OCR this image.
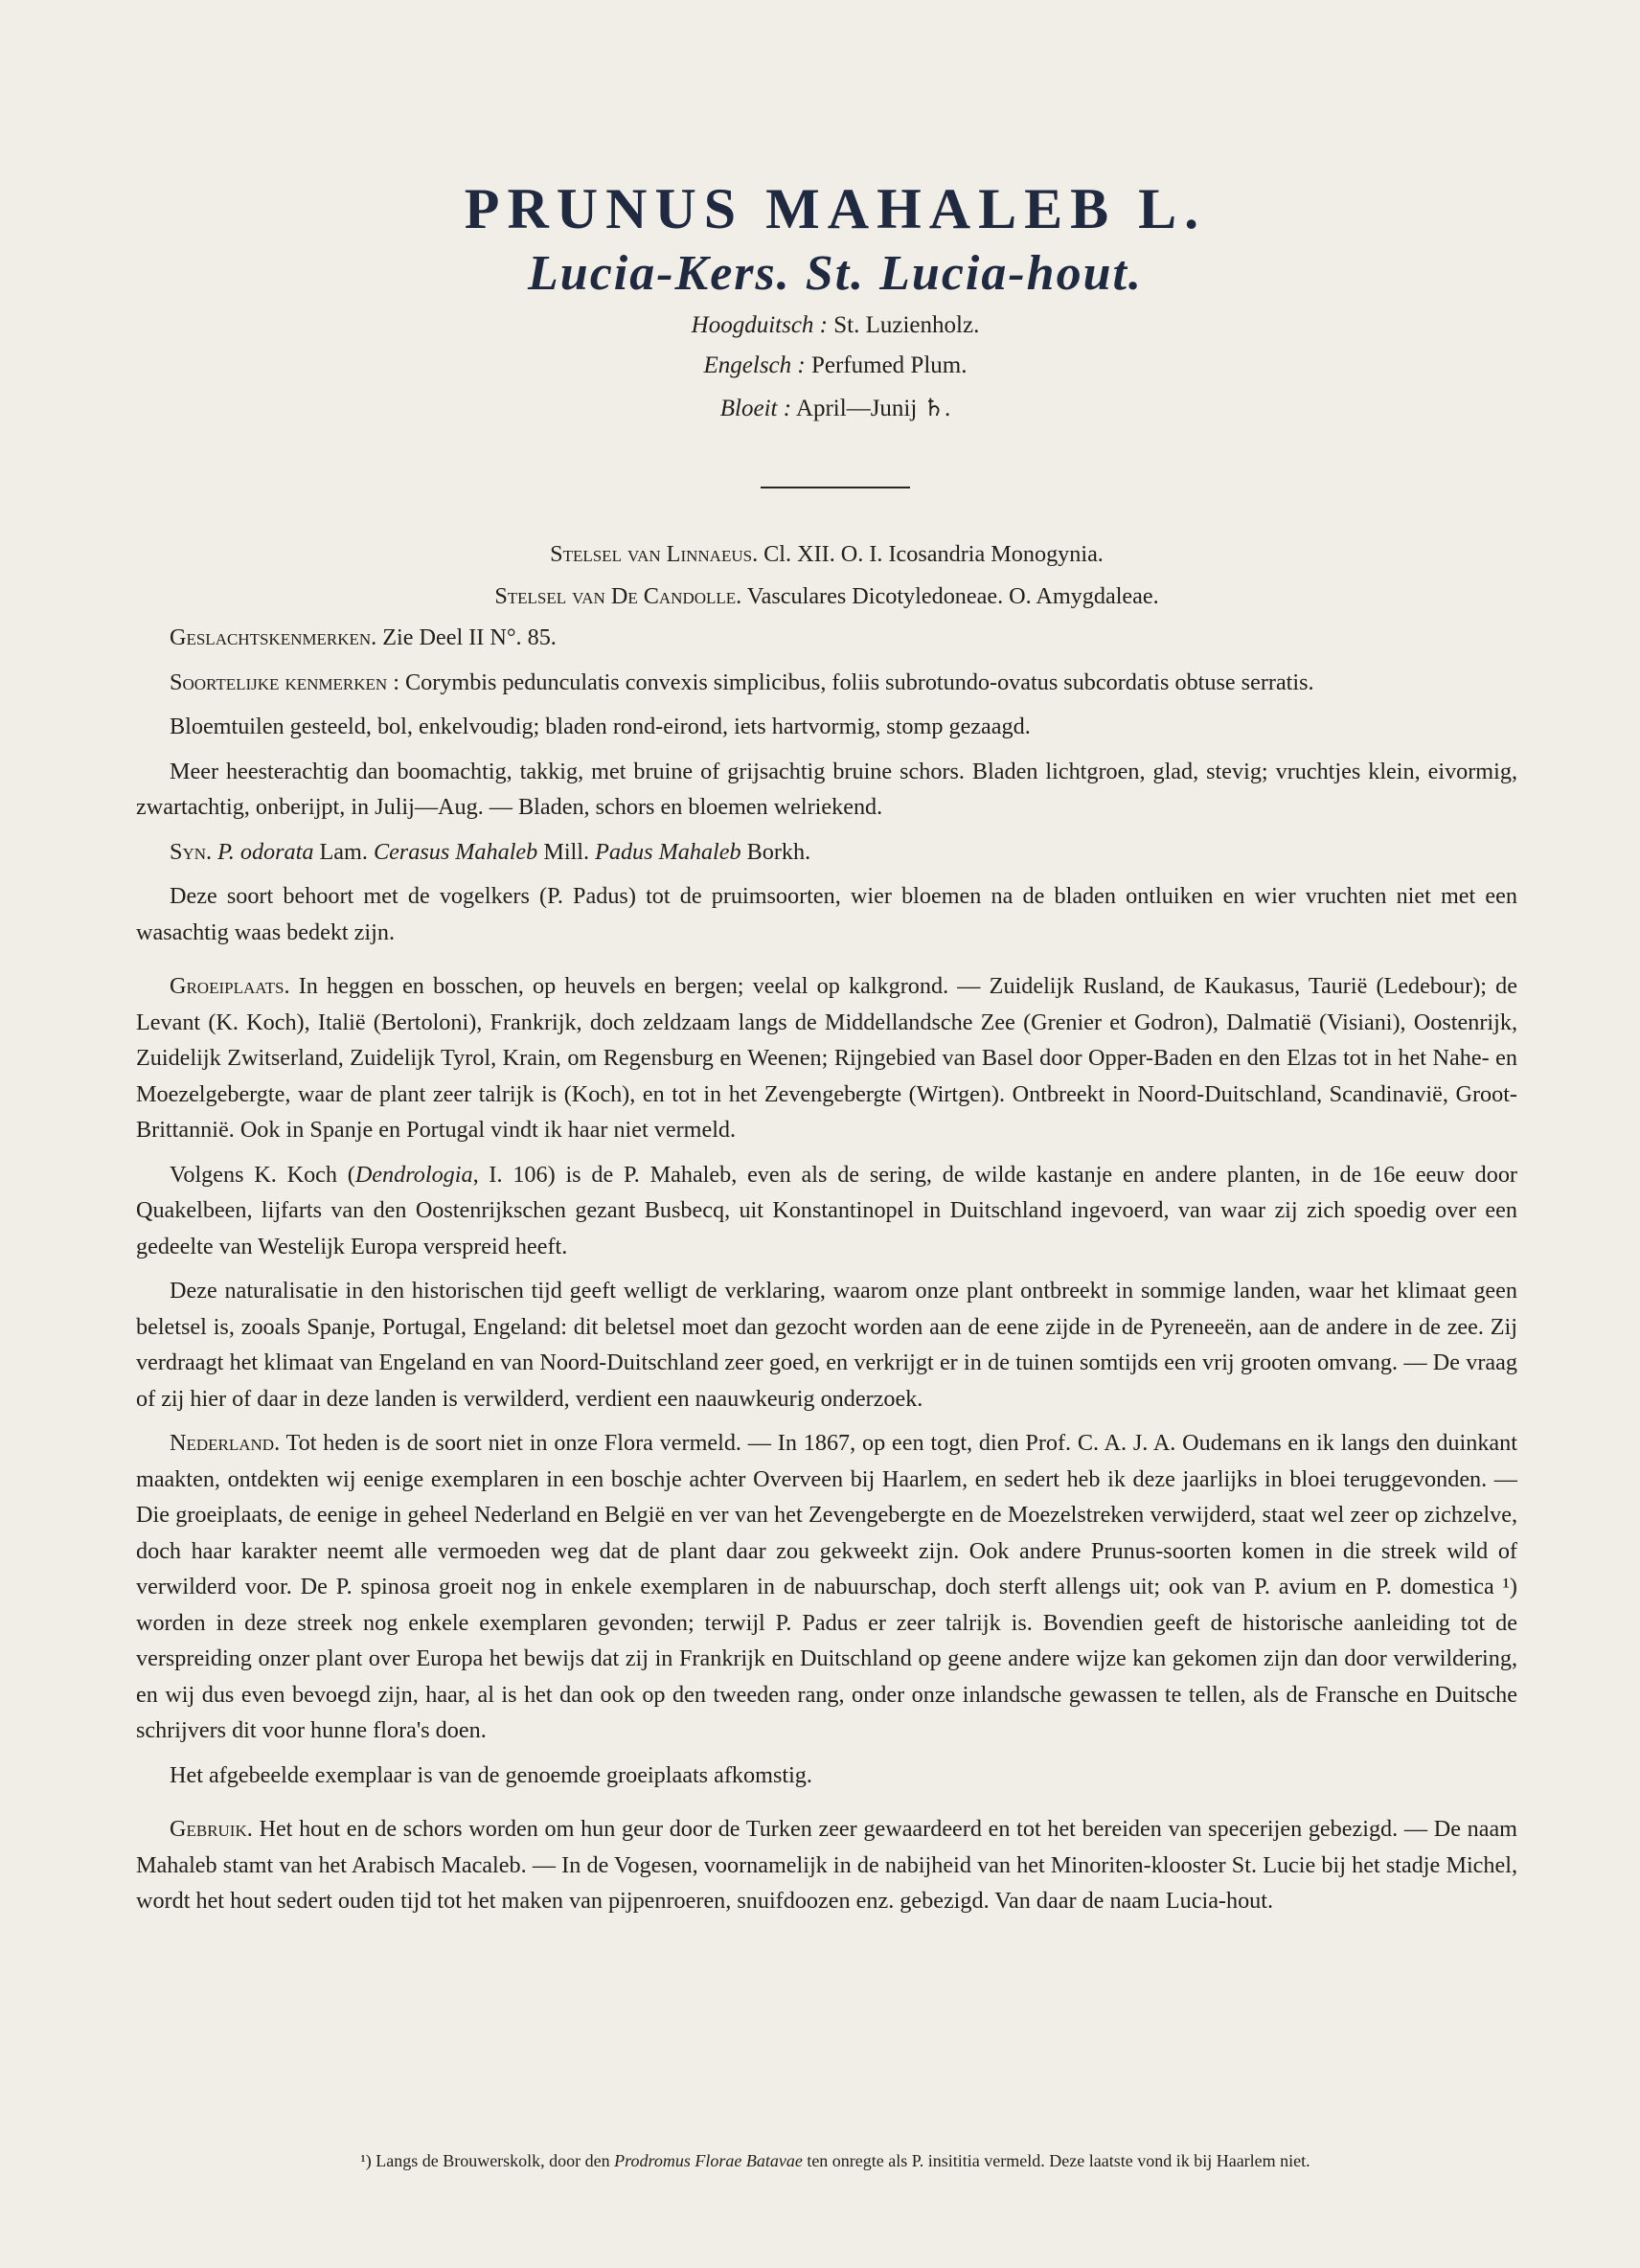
PRUNUS MAHALEB L.
Lucia-Kers. St. Lucia-hout.
Hoogduitsch : St. Luzienholz.
Engelsch : Perfumed Plum.
Bloeit : April—Junij ♄.

Stelsel van Linnaeus. Cl. XII. O. I. Icosandria Monogynia.

Stelsel van De Candolle. Vasculares Dicotyledoneae. O. Amygdaleae.

Geslachtskenmerken. Zie Deel II N°. 85.

Soortelijke kenmerken : Corymbis pedunculatis convexis simplicibus, foliis subrotundo-ovatus subcordatis obtuse serratis.

Bloemtuilen gesteeld, bol, enkelvoudig; bladen rond-eirond, iets hartvormig, stomp gezaagd.

Meer heesterachtig dan boomachtig, takkig, met bruine of grijsachtig bruine schors. Bladen lichtgroen, glad, stevig; vruchtjes klein, eivormig, zwartachtig, onberijpt, in Julij—Aug. — Bladen, schors en bloemen welriekend.

Syn. P. odorata Lam. Cerasus Mahaleb Mill. Padus Mahaleb Borkh.

Deze soort behoort met de vogelkers (P. Padus) tot de pruimsoorten, wier bloemen na de bladen ontluiken en wier vruchten niet met een wasachtig waas bedekt zijn.

Groeiplaats. In heggen en bosschen, op heuvels en bergen; veelal op kalkgrond. — Zuidelijk Rusland, de Kaukasus, Taurië (Ledebour); de Levant (K. Koch), Italië (Bertoloni), Frankrijk, doch zeldzaam langs de Middellandsche Zee (Grenier et Godron), Dalmatië (Visiani), Oostenrijk, Zuidelijk Zwitserland, Zuidelijk Tyrol, Krain, om Regensburg en Weenen; Rijngebied van Basel door Opper-Baden en den Elzas tot in het Nahe- en Moezelgebergte, waar de plant zeer talrijk is (Koch), en tot in het Zevengebergte (Wirtgen). Ontbreekt in Noord-Duitschland, Scandinavië, Groot-Brittannië. Ook in Spanje en Portugal vindt ik haar niet vermeld.

Volgens K. Koch (Dendrologia, I. 106) is de P. Mahaleb, even als de sering, de wilde kastanje en andere planten, in de 16e eeuw door Quakelbeen, lijfarts van den Oostenrijkschen gezant Busbecq, uit Konstantinopel in Duitschland ingevoerd, van waar zij zich spoedig over een gedeelte van Westelijk Europa verspreid heeft.

Deze naturalisatie in den historischen tijd geeft welligt de verklaring, waarom onze plant ontbreekt in sommige landen, waar het klimaat geen beletsel is, zooals Spanje, Portugal, Engeland: dit beletsel moet dan gezocht worden aan de eene zijde in de Pyreneeën, aan de andere in de zee. Zij verdraagt het klimaat van Engeland en van Noord-Duitschland zeer goed, en verkrijgt er in de tuinen somtijds een vrij grooten omvang. — De vraag of zij hier of daar in deze landen is verwilderd, verdient een naauwkeurig onderzoek.

Nederland. Tot heden is de soort niet in onze Flora vermeld. — In 1867, op een togt, dien Prof. C. A. J. A. Oudemans en ik langs den duinkant maakten, ontdekten wij eenige exemplaren in een boschje achter Overveen bij Haarlem, en sedert heb ik deze jaarlijks in bloei teruggevonden. — Die groeiplaats, de eenige in geheel Nederland en België en ver van het Zevengebergte en de Moezelstreken verwijderd, staat wel zeer op zichzelve, doch haar karakter neemt alle vermoeden weg dat de plant daar zou gekweekt zijn. Ook andere Prunus-soorten komen in die streek wild of verwilderd voor. De P. spinosa groeit nog in enkele exemplaren in de nabuurschap, doch sterft allengs uit; ook van P. avium en P. domestica ¹) worden in deze streek nog enkele exemplaren gevonden; terwijl P. Padus er zeer talrijk is. Bovendien geeft de historische aanleiding tot de verspreiding onzer plant over Europa het bewijs dat zij in Frankrijk en Duitschland op geene andere wijze kan gekomen zijn dan door verwildering, en wij dus even bevoegd zijn, haar, al is het dan ook op den tweeden rang, onder onze inlandsche gewassen te tellen, als de Fransche en Duitsche schrijvers dit voor hunne flora's doen.

Het afgebeelde exemplaar is van de genoemde groeiplaats afkomstig.

Gebruik. Het hout en de schors worden om hun geur door de Turken zeer gewaardeerd en tot het bereiden van specerijen gebezigd. — De naam Mahaleb stamt van het Arabisch Macaleb. — In de Vogesen, voornamelijk in de nabijheid van het Minoriten-klooster St. Lucie bij het stadje Michel, wordt het hout sedert ouden tijd tot het maken van pijpenroeren, snuifdoozen enz. gebezigd. Van daar de naam Lucia-hout.

¹) Langs de Brouwerskolk, door den Prodromus Florae Batavae ten onregte als P. insititia vermeld. Deze laatste vond ik bij Haarlem niet.
